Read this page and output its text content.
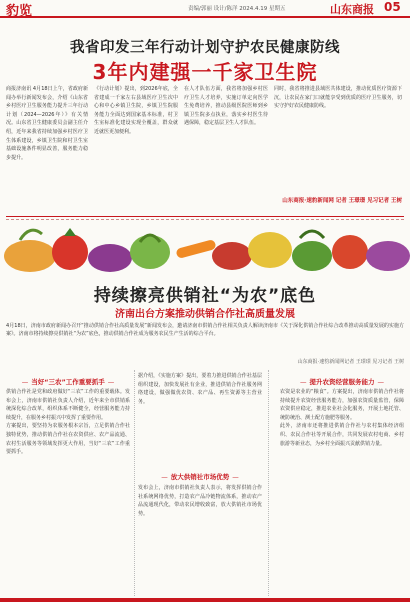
豹览	责编/郭丽 设计/陈洋 2024.4.19 星期五	山东商报 05
我省印发三年行动计划守护农民健康防线
3年内建强一千家卫生院
商报济南讯 4月18日上午，省政府新闻办举行新闻发布会，介绍《山东省乡村医疗卫生服务能力提升三年行动计划（2024—2026年）》有关情况。山东省卫生健康委员会副主任介绍，近年来我省持续加强乡村医疗卫生体系建设，乡镇卫生院和村卫生室基础设施条件明显改善，服务能力稳步提升。
《行动计划》提出，到2026年底，全省建成一千家左右县域医疗卫生次中心和中心乡镇卫生院，乡镇卫生院服务能力全面达到国家基本标准，村卫生室标准化建设实现全覆盖，群众就近就医更加便利。
在人才队伍方面，我省将加强乡村医疗卫生人才培养，实施订单定向医学生免费培养，推动县级医院医师到乡镇卫生院多点执业，落实乡村医生待遇保障，稳定基层卫生人才队伍。
同时，我省将推进县域医共体建设，推动优质医疗资源下沉，让农民在家门口就能享受到优质的医疗卫生服务，切实守护好农民健康防线。
山东商报·速豹新闻网 记者 王璟璟 见习记者 王树
持续擦亮供销社“为农”底色
济南出台方案推动供销合作社高质量发展
4月18日，济南市政府新闻办召开“推动供销合作社高质量发展”新闻发布会，邀请济南市供销合作社相关负责人解读济南市《关于深化供销合作社综合改革推动高质量发展的实施方案》。济南市将持续擦亮供销社“为农”底色，推动供销合作社成为服务农民生产生活的综合平台。
山东商报·速豹新闻网记者 王璟璟 见习记者 王树
— 当好“三农”工作重要抓手 —
供销合作社是党和政府做好“三农”工作的重要载体。发布会上，济南市供销社负责人介绍，近年来全市供销系统深化综合改革，组织体系不断健全，经营服务能力持续提升，在服务乡村振兴中发挥了重要作用。
方案提出，要坚持为农服务根本宗旨，立足供销合作社独特优势，推动供销合作社在农资供应、农产品流通、农村生活服务等领域发挥更大作用，当好“三农”工作重要抓手。
据介绍，《实施方案》提出，要着力推进供销合作社基层组织建设，加快发展社有企业，推进供销合作社服务网络建设，做强做优农资、农产品、再生资源等主营业务。
— 放大供销社市场优势 —
发布会上，济南市供销社负责人表示，将发挥供销合作社系统网络优势，打造农产品冷链物流体系，推动农产品流通现代化，带动农民增收致富，放大供销社市场优势。
— 提升农资经营服务能力 —
农资是农业的“粮食”。方案提出，济南市供销合作社将持续提升农资经营服务能力，加强农资质量监管，保障农资供应稳定，推进农业社会化服务，开展土地托管、统防统治、测土配方施肥等服务。
此外，济南市还将推进供销合作社与农村集体经济组织、农民合作社等开展合作，共同发展农村电商、乡村旅游等新业态，为乡村全面振兴贡献供销力量。
